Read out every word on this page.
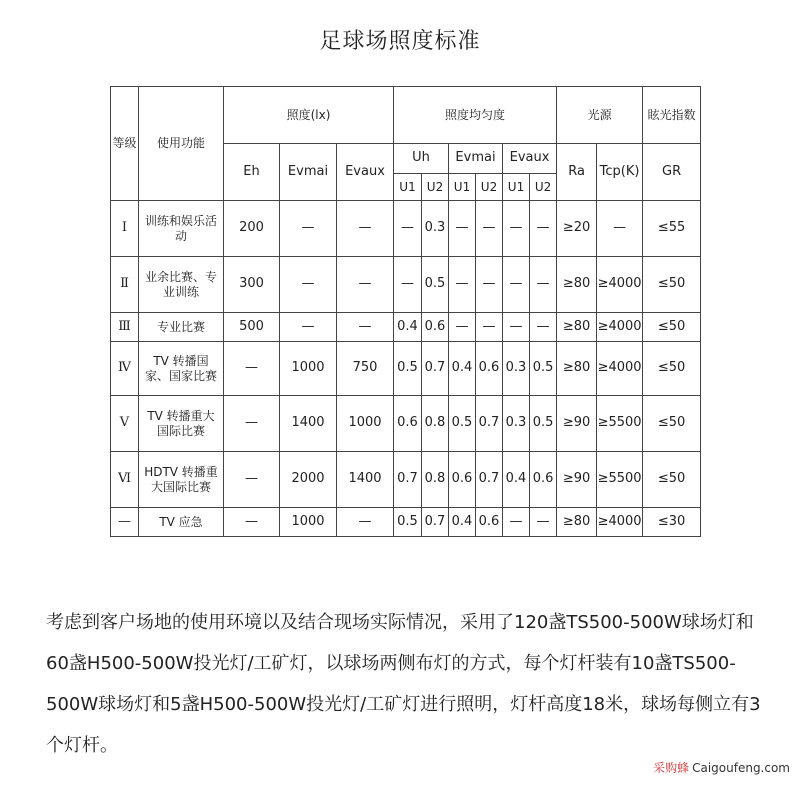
足球场照度标准
等级	使用功能	照度(lx)			照度均匀度						光源		眩光指数
		Eh	Evmai	Evaux	Uh		Evmai		Evaux		Ra	Tcp(K)	GR
					U1	U2	U1	U2	U1	U2			
Ⅰ	训练和娱乐活动	200	—	—	—	0.3	—	—	—	—	≥20	—	≤55
Ⅱ	业余比赛、专业训练	300	—	—	—	0.5	—	—	—	—	≥80	≥4000	≤50
Ⅲ	专业比赛	500	—	—	0.4	0.6	—	—	—	—	≥80	≥4000	≤50
Ⅳ	TV 转播国家、国家比赛	—	1000	750	0.5	0.7	0.4	0.6	0.3	0.5	≥80	≥4000	≤50
Ⅴ	TV 转播重大国际比赛	—	1400	1000	0.6	0.8	0.5	0.7	0.3	0.5	≥90	≥5500	≤50
Ⅵ	HDTV 转播重大国际比赛	—	2000	1400	0.7	0.8	0.6	0.7	0.4	0.6	≥90	≥5500	≤50
—	TV 应急	—	1000	—	0.5	0.7	0.4	0.6	—	—	≥80	≥4000	≤30
考虑到客户场地的使用环境以及结合现场实际情况，采用了120盏TS500-500W球场灯和60盏H500-500W投光灯/工矿灯，以球场两侧布灯的方式，每个灯杆装有10盏TS500-500W球场灯和5盏H500-500W投光灯/工矿灯进行照明，灯杆高度18米，球场每侧立有3个灯杆。
采购蜂 Caigoufeng.com
